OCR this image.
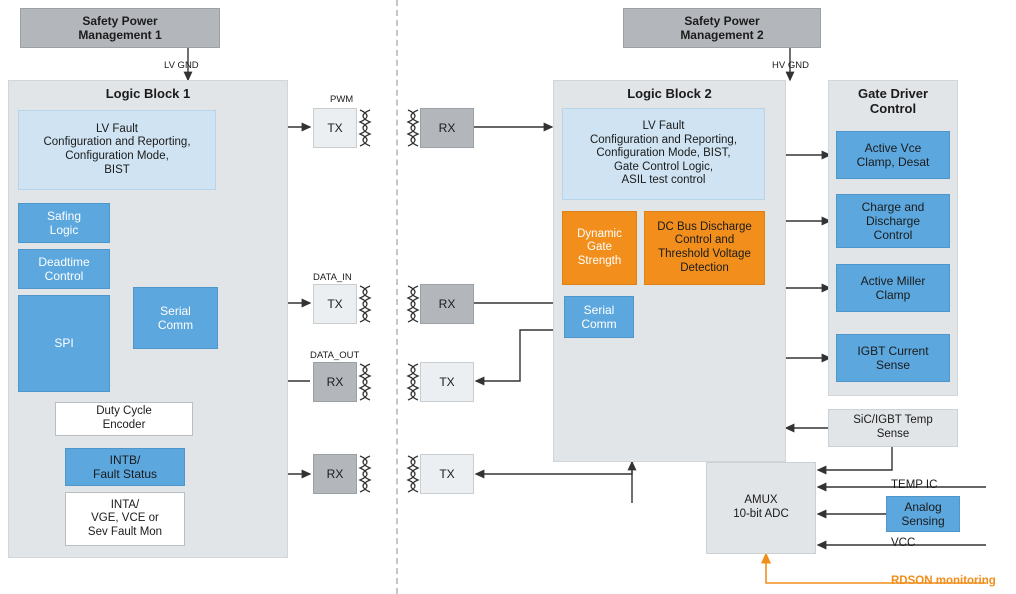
Safety Power
Management 1
LV GND
Logic Block 1
LV Fault
Configuration and Reporting,
Configuration Mode,
BIST
Safing
Logic
Deadtime
Control
SPI
Serial
Comm
Duty Cycle
Encoder
INTB/
Fault Status
INTA/
VGE, VCE or
Sev Fault Mon
PWM
TX
DATA_IN
TX
DATA_OUT
RX
RX
Safety Power
Management 2
HV GND
Logic Block 2
LV Fault
Configuration and Reporting,
Configuration Mode, BIST,
Gate Control Logic,
ASIL test control
Dynamic
Gate
Strength
DC Bus Discharge
Control and
Threshold Voltage
Detection
Serial
Comm
RX
RX
TX
TX
Gate Driver
Control
Active Vce
Clamp, Desat
Charge and
Discharge
Control
Active Miller
Clamp
IGBT Current
Sense
SiC/IGBT Temp
Sense
AMUX
10-bit ADC
Analog
Sensing
TEMP IC
VCC
RDSON monitoring
